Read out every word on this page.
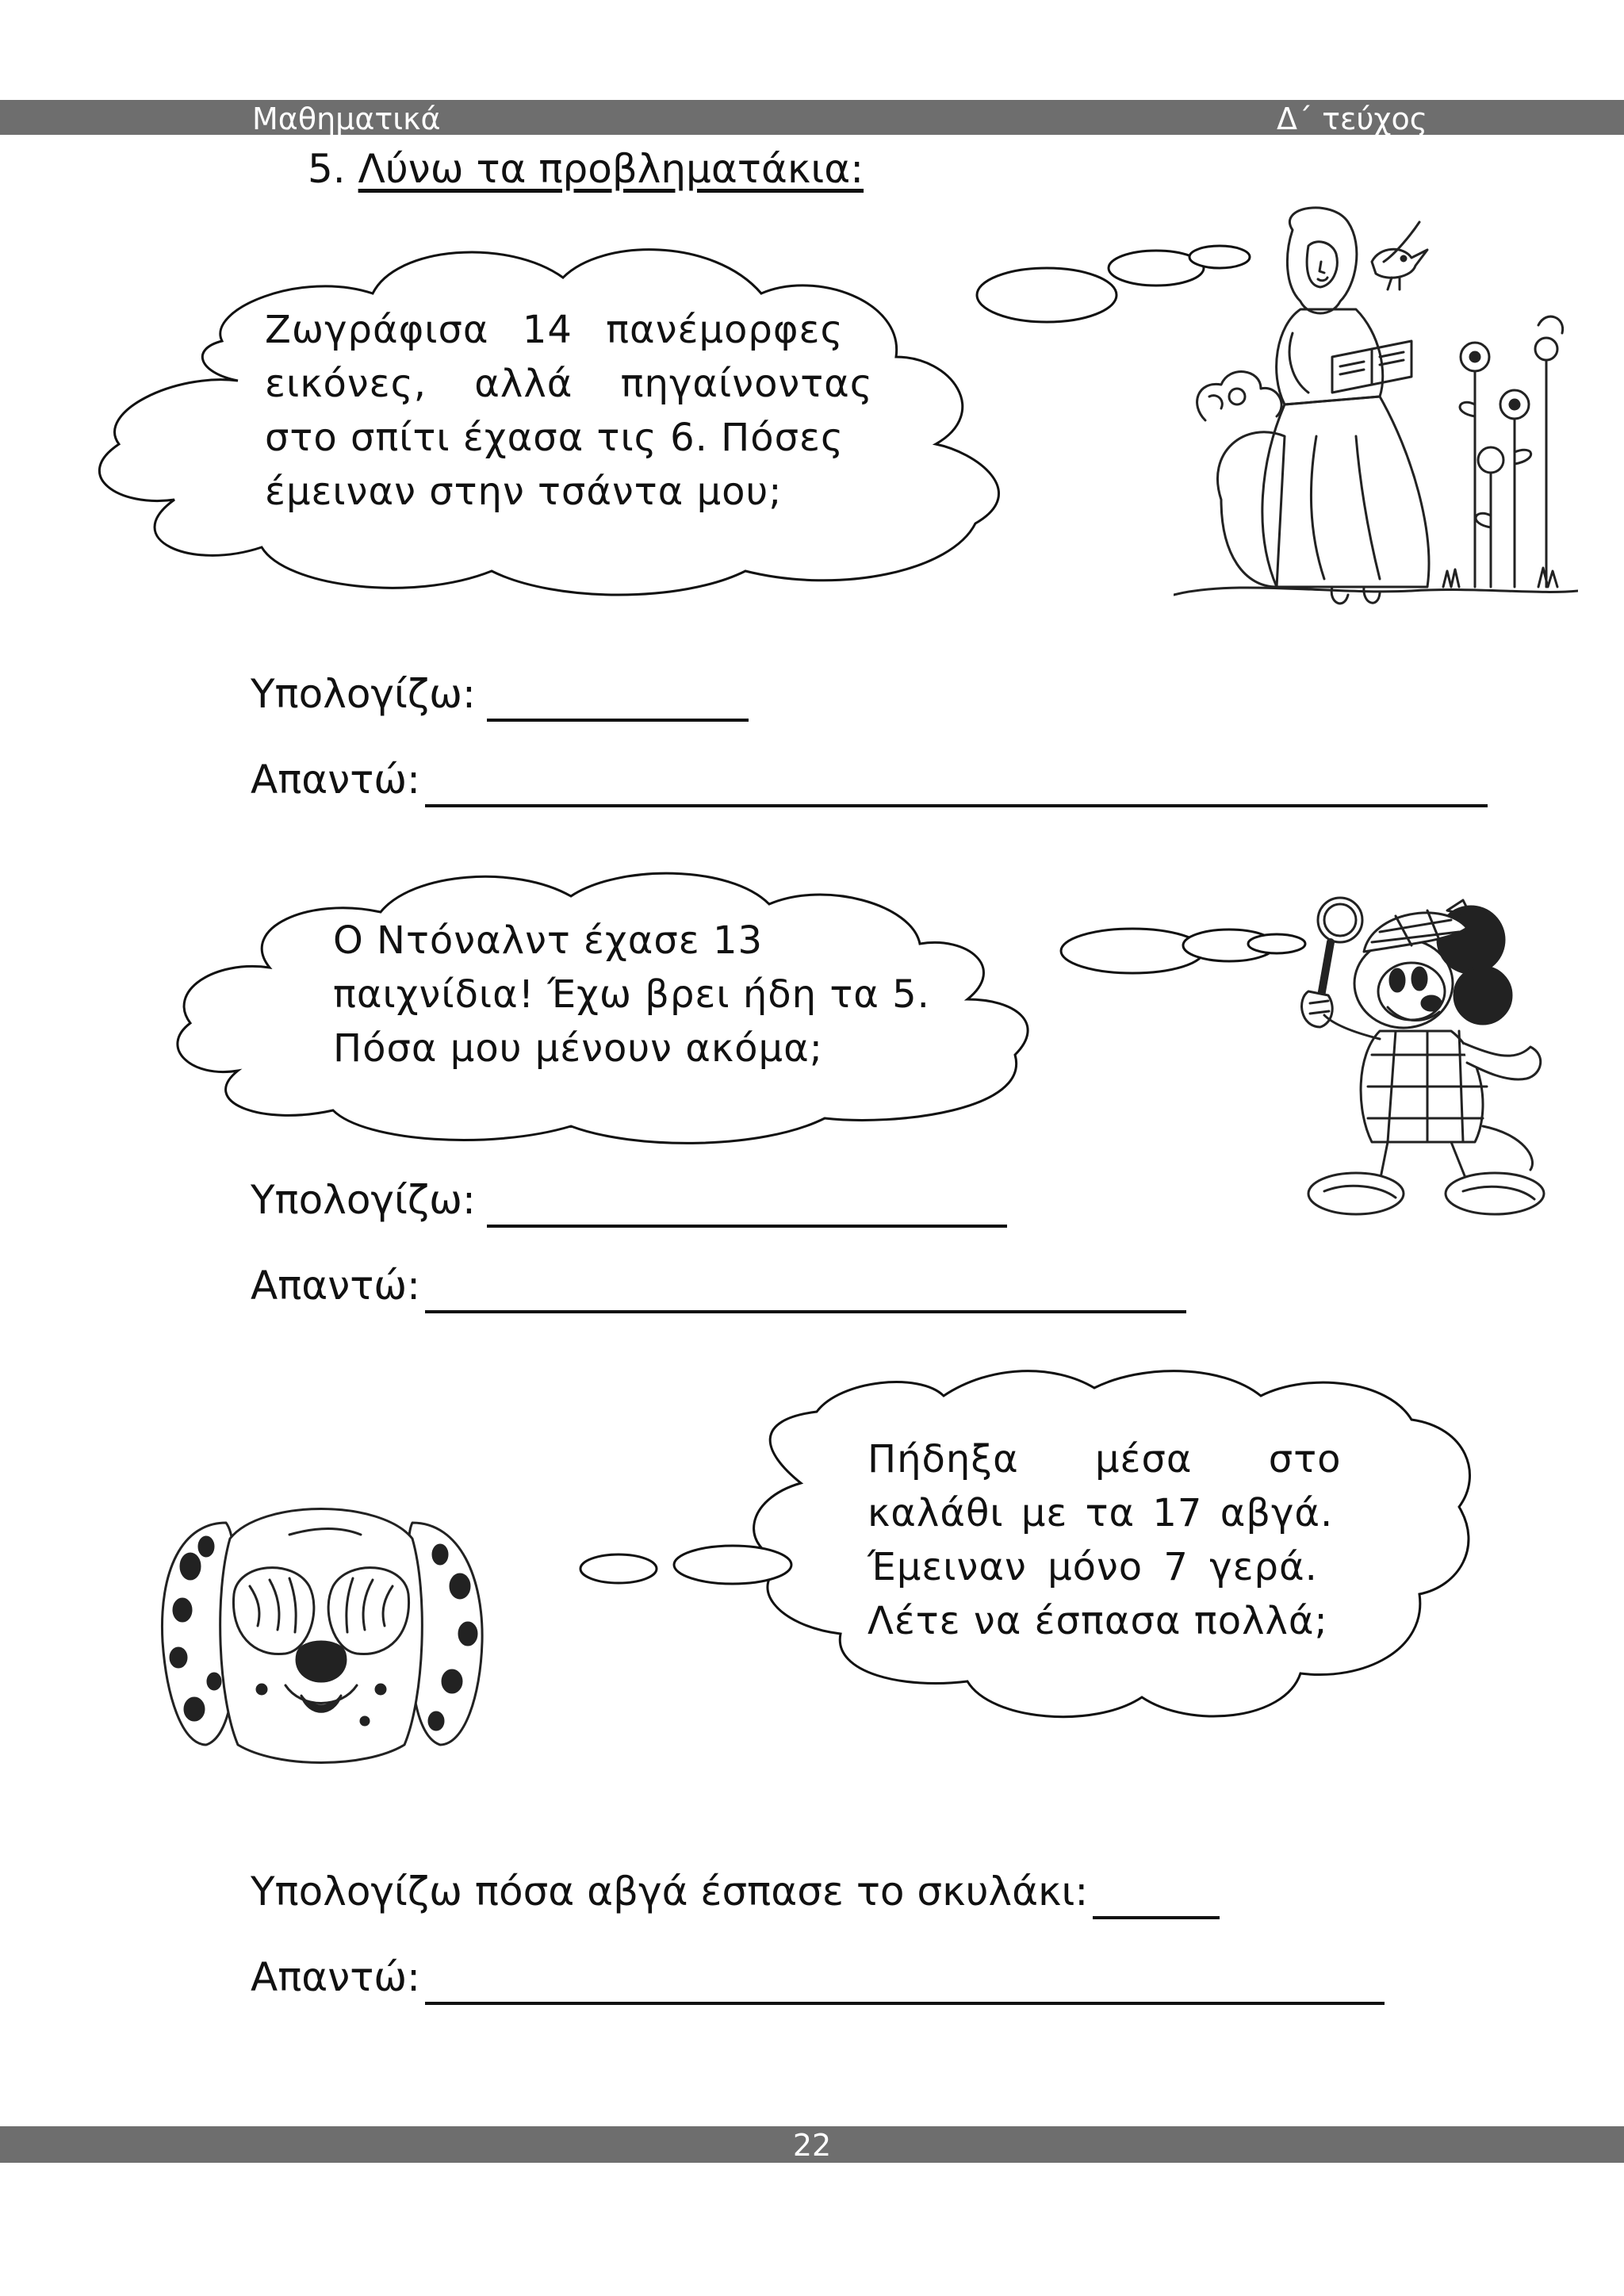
Μαθηματικά	Δ΄ τεύχος
5. Λύνω τα προβληματάκια:
Ζωγράφισα 14 πανέμορφες
εικόνες, αλλά πηγαίνοντας
στο σπίτι έχασα τις 6. Πόσες
έμειναν στην τσάντα μου;
Ο Ντόναλντ έχασε 13
παιχνίδια! Έχω βρει ήδη τα 5.
Πόσα μου μένουν ακόμα;
Πήδηξα μέσα στο
καλάθι με τα 17 αβγά.
Έμειναν μόνο 7 γερά.
Λέτε να έσπασα πολλά;
Υπολογίζω:
Απαντώ:
Υπολογίζω:
Απαντώ:
Υπολογίζω πόσα αβγά έσπασε το σκυλάκι:
Απαντώ:
22
